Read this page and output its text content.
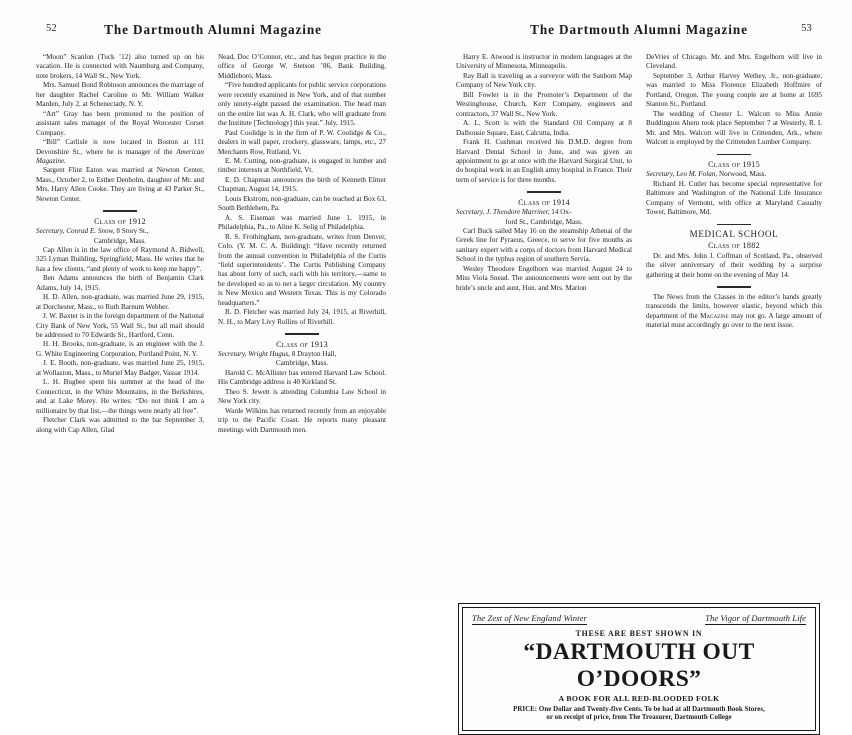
52	The Dartmouth Alumni Magazine

“Moon” Scanlon (Tuck ’12) also turned up on his vacation. He is connected with Naumburg and Company, note brokers, 14 Wall St., New York.

Mrs. Samuel Bond Robinson announces the marriage of her daughter Rachel Caroline to Mr. William Walker Marden, July 2, at Schenectady, N. Y.

“Art” Gray has been promoted to the position of assistant sales manager of the Royal Worcester Corset Company.

“Bill” Carlisle is now located in Boston at 111 Devonshire St., where he is manager of the American Magazine.

Sargent Flint Eaton was married at Newton Center, Mass., October 2, to Esther Denholm, daughter of Mr. and Mrs. Harry Allen Cooke. They are living at 43 Parker St., Newton Center.

Class of 1912

Secretary, Conrad E. Snow, 8 Story St.,

Cambridge, Mass.

Cap Allen is in the law office of Raymond A. Bidwell, 325 Lyman Building, Springfield, Mass. He writes that he has a few clients, “and plenty of work to keep me happy”.

Ben Adams announces the birth of Benjamin Clark Adams, July 14, 1915.

H. D. Allen, non-graduate, was married June 29, 1915, at Dorchester, Mass., to Ruth Barnum Webber.

J. W. Baxter is in the foreign department of the National City Bank of New York, 55 Wall St., but all mail should be addressed to 70 Edwards St., Hartford, Conn.

H. H. Brooks, non-graduate, is an engineer with the J. G. White Engineering Corporation, Portland Point, N. Y.

J. E. Booth, non-graduate, was married June 25, 1915, at Wollaston, Mass., to Muriel May Badger, Vassar 1914.

L. H. Bugbee spent his summer at the head of the Connecticut, in the White Mountains, in the Berkshires, and at Lake Morey. He writes: “Do not think I am a millionaire by that list,—the things were nearly all free”.

Fletcher Clark was admitted to the bar September 3, along with Cap Allen, Glad

Nead, Doc O’Connor, etc., and has begun practice in the office of George W. Stetson ’86, Bank Building, Middleboro, Mass.

“Five hundred applicants for public service corporations were recently examined in New York, and of that number only ninety-eight passed the examination. The head man on the entire list was A. H. Clark, who will graduate from the Institute [Technology] this year.” July, 1915.

Paul Coolidge is in the firm of P. W. Coolidge & Co., dealers in wall paper, crockery, glassware, lamps, etc., 27 Merchants Row, Rutland, Vt.

E. M. Cutting, non-graduate, is engaged in lumber and timber interests at Northfield, Vt.

E. D. Chapman announces the birth of Kenneth Elmer Chapman, August 14, 1915.

Louis Ekstrom, non-graduate, can be reached at Box 63, South Bethlehem, Pa.

A. S. Eiseman was married June 1, 1915, in Philadelphia, Pa., to Aline K. Selig of Philadelphia.

R. S. Frothingham, non-graduate, writes from Denver, Colo. (Y. M. C. A. Building): “Have recently returned from the annual convention in Philadelphia of the Curtis ‘field superintendents’. The Curtis Publishing Company has about forty of such, each with his territory,—same to be developed so as to net a larger circulation. My country is New Mexico and Western Texas. This is my Colorado headquarters.”

R. D. Fletcher was married July 24, 1915, at Riverhill, N. H., to Mary Livy Rollins of Riverhill.

Class of 1913

Secretary, Wright Hugus, 8 Drayton Hall,

Cambridge, Mass.

Harold C. McAllister has entered Harvard Law School. His Cambridge address is 40 Kirkland St.

Theo S. Jewett is attending Columbia Law School in New York city.

Warde Wilkins has returned recently from an enjoyable trip to the Pacific Coast. He reports many pleasant meetings with Dartmouth men.

53
The Dartmouth Alumni Magazine

Harry E. Atwood is instructor in modern languages at the University of Minnesota, Minneapolis.

Ray Ball is traveling as a surveyor with the Sanborn Map Company of New York city.

Bill Fowler is in the Promoter’s Department of the Westinghouse, Church, Kerr Company, engineers and contractors, 37 Wall St., New York.

A. L. Scott is with the Standard Oil Company at 8 Dalhousie Square, East, Calcutta, India.

Frank H. Cushman received his D.M.D. degree from Harvard Dental School in June, and was given an appointment to go at once with the Harvard Surgical Unit, to do hospital work in an English army hospital in France. Their term of service is for three months.

Class of 1914

Secretary, J. Theodore Marriner, 14 Ox-

ford St., Cambridge, Mass.

Carl Buck sailed May 16 on the steamship Athenai of the Greek line for Pyraeus, Greece, to serve for five months as sanitary expert with a corps of doctors from Harvard Medical School in the typhus region of southern Servia.

Wesley Theodore Engelhorn was married August 24 to Miss Viola Snead. The announcements were sent out by the bride’s uncle and aunt, Hon. and Mrs. Marion

DeVries of Chicago. Mr. and Mrs. Engelhorn will live in Cleveland.

September 3, Arthur Harvey Wethey, Jr., non-graduate, was married to Miss Florence Elizabeth Hoffmire of Portland, Oregon. The young couple are at home at 1695 Stanton St., Portland.

The wedding of Chester L. Walcott to Miss Annie Buddington Ahern took place September 7 at Westerly, R. I. Mr. and Mrs. Walcott will live in Crittenden, Ark., where Walcott is employed by the Crittenden Lumber Company.

Class of 1915

Secretary, Leo M. Folan, Norwood, Mass.

Richard H. Cutler has become special representative for Baltimore and Washington of the National Life Insurance Company of Vermont, with office at Maryland Casualty Tower, Baltimore, Md.

MEDICAL SCHOOL
Class of 1882

Dr. and Mrs. John J. Coffman of Scotland, Pa., observed the silver anniversary of their wedding by a surprise gathering at their home on the evening of May 14.

The News from the Classes in the editor’s hands greatly transcends the limits, however elastic, beyond which this department of the Magazine may not go. A large amount of material must accordingly go over to the next issue.

The Zest of New England Winter	The Vigor of Dartmouth Life
THESE ARE BEST SHOWN IN
“DARTMOUTH OUT O’DOORS”
A BOOK FOR ALL RED-BLOODED FOLK
PRICE: One Dollar and Twenty-five Cents. To be had at all Dartmouth Book Stores,
or on receipt of price, from The Treasurer, Dartmouth College
